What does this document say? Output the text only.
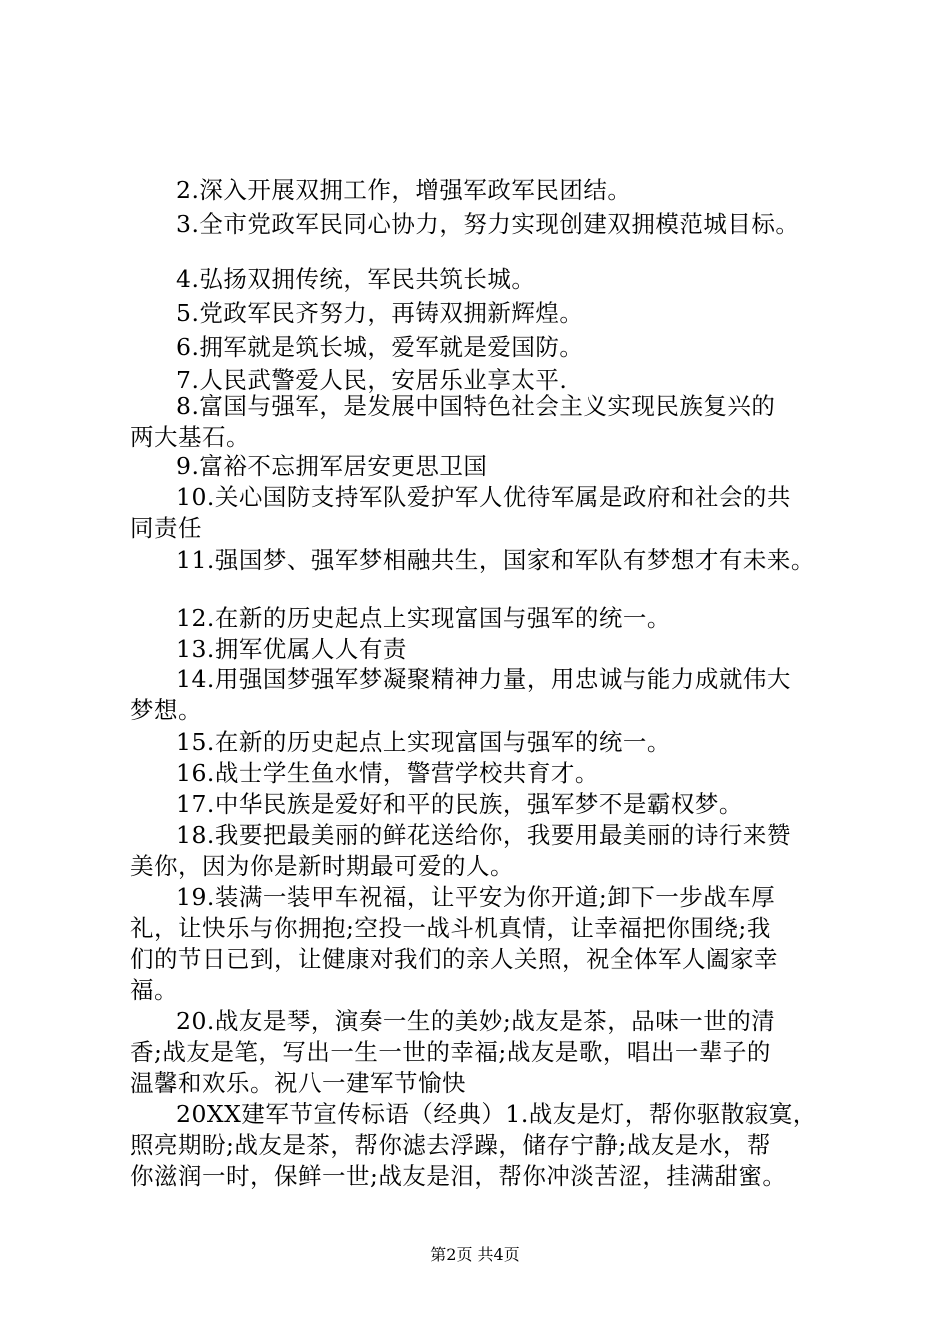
2.深入开展双拥工作，增强军政军民团结。
3.全市党政军民同心协力，努力实现创建双拥模范城目标。
4.弘扬双拥传统，军民共筑长城。
5.党政军民齐努力，再铸双拥新辉煌。
6.拥军就是筑长城，爱军就是爱国防。
7.人民武警爱人民，安居乐业享太平.
8.富国与强军，是发展中国特色社会主义实现民族复兴的
两大基石。
9.富裕不忘拥军居安更思卫国
10.关心国防支持军队爱护军人优待军属是政府和社会的共
同责任
11.强国梦、强军梦相融共生，国家和军队有梦想才有未来。
12.在新的历史起点上实现富国与强军的统一。
13.拥军优属人人有责
14.用强国梦强军梦凝聚精神力量，用忠诚与能力成就伟大
梦想。
15.在新的历史起点上实现富国与强军的统一。
16.战士学生鱼水情，警营学校共育才。
17.中华民族是爱好和平的民族，强军梦不是霸权梦。
18.我要把最美丽的鲜花送给你，我要用最美丽的诗行来赞
美你，因为你是新时期最可爱的人。
19.装满一装甲车祝福，让平安为你开道;卸下一步战车厚
礼，让快乐与你拥抱;空投一战斗机真情，让幸福把你围绕;我
们的节日已到，让健康对我们的亲人关照，祝全体军人阖家幸
福。
20.战友是琴，演奏一生的美妙;战友是茶，品味一世的清
香;战友是笔，写出一生一世的幸福;战友是歌，唱出一辈子的
温馨和欢乐。祝八一建军节愉快
20XX建军节宣传标语（经典）1.战友是灯，帮你驱散寂寞，
照亮期盼;战友是茶，帮你滤去浮躁，储存宁静;战友是水，帮
你滋润一时，保鲜一世;战友是泪，帮你冲淡苦涩，挂满甜蜜。
第2页 共4页
